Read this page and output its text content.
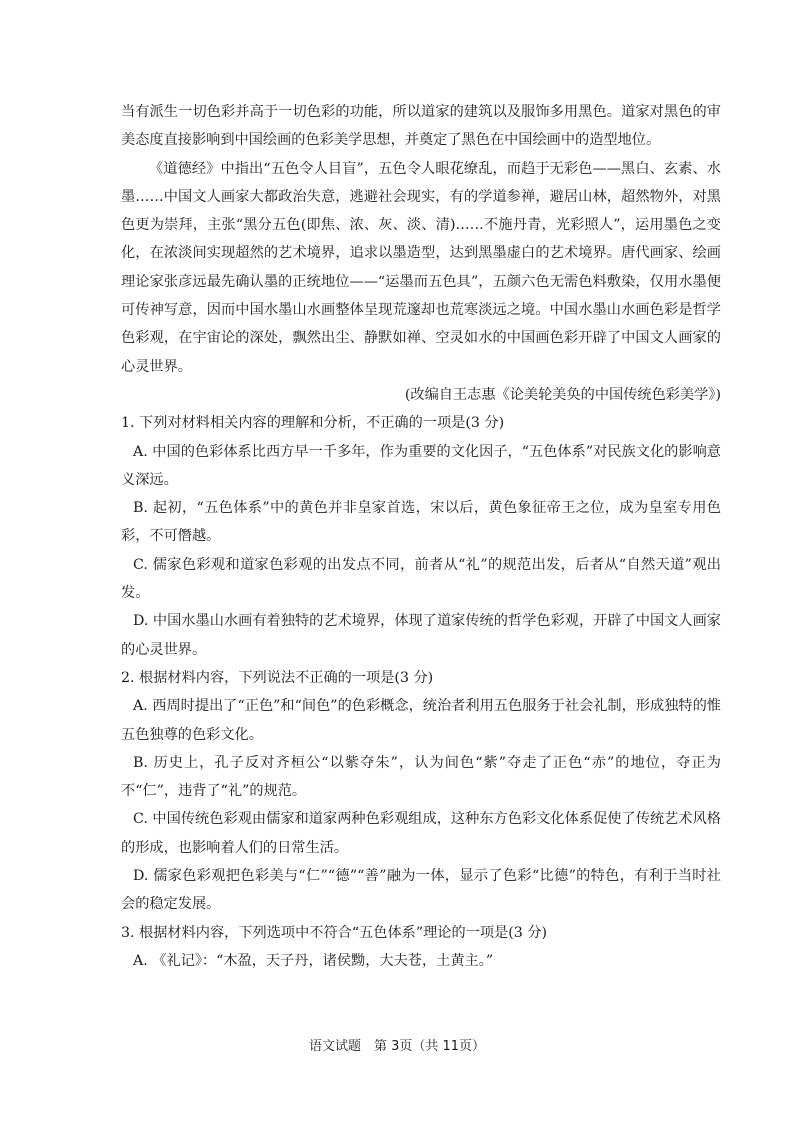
当有派生一切色彩并高于一切色彩的功能，所以道家的建筑以及服饰多用黑色。道家对黑色的审美态度直接影响到中国绘画的色彩美学思想，并奠定了黑色在中国绘画中的造型地位。

《道德经》中指出“五色令人目盲”，五色令人眼花缭乱，而趋于无彩色——黑白、玄素、水墨……中国文人画家大都政治失意，逃避社会现实，有的学道参禅，避居山林，超然物外，对黑色更为崇拜，主张“黑分五色(即焦、浓、灰、淡、清)……不施丹青，光彩照人”，运用墨色之变化，在浓淡间实现超然的艺术境界，追求以墨造型，达到黑墨虚白的艺术境界。唐代画家、绘画理论家张彦远最先确认墨的正统地位——“运墨而五色具”，五颜六色无需色料敷染，仅用水墨便可传神写意，因而中国水墨山水画整体呈现荒邃却也荒寒淡远之境。中国水墨山水画色彩是哲学色彩观，在宇宙论的深处，飘然出尘、静默如禅、空灵如水的中国画色彩开辟了中国文人画家的心灵世界。

(改编自王志惠《论美轮美奂的中国传统色彩美学》)

1. 下列对材料相关内容的理解和分析，不正确的一项是(3 分)

A. 中国的色彩体系比西方早一千多年，作为重要的文化因子，“五色体系”对民族文化的影响意义深远。

B. 起初，“五色体系”中的黄色并非皇家首选，宋以后，黄色象征帝王之位，成为皇室专用色彩，不可僭越。

C. 儒家色彩观和道家色彩观的出发点不同，前者从“礼”的规范出发，后者从“自然天道”观出发。

D. 中国水墨山水画有着独特的艺术境界，体现了道家传统的哲学色彩观，开辟了中国文人画家的心灵世界。

2. 根据材料内容，下列说法不正确的一项是(3 分)

A. 西周时提出了“正色”和“间色”的色彩概念，统治者利用五色服务于社会礼制，形成独特的惟五色独尊的色彩文化。

B. 历史上，孔子反对齐桓公“以紫夺朱”，认为间色“紫”夺走了正色“赤”的地位，夺正为不“仁”，违背了“礼”的规范。

C. 中国传统色彩观由儒家和道家两种色彩观组成，这种东方色彩文化体系促使了传统艺术风格的形成，也影响着人们的日常生活。

D. 儒家色彩观把色彩美与“仁”“德”“善”融为一体，显示了色彩“比德”的特色，有利于当时社会的稳定发展。

3. 根据材料内容，下列选项中不符合“五色体系”理论的一项是(3 分)

A. 《礼记》：“木盈，天子丹，诸侯黝，大夫苍，土黄主。”

语文试题　第 3页（共 11页）
